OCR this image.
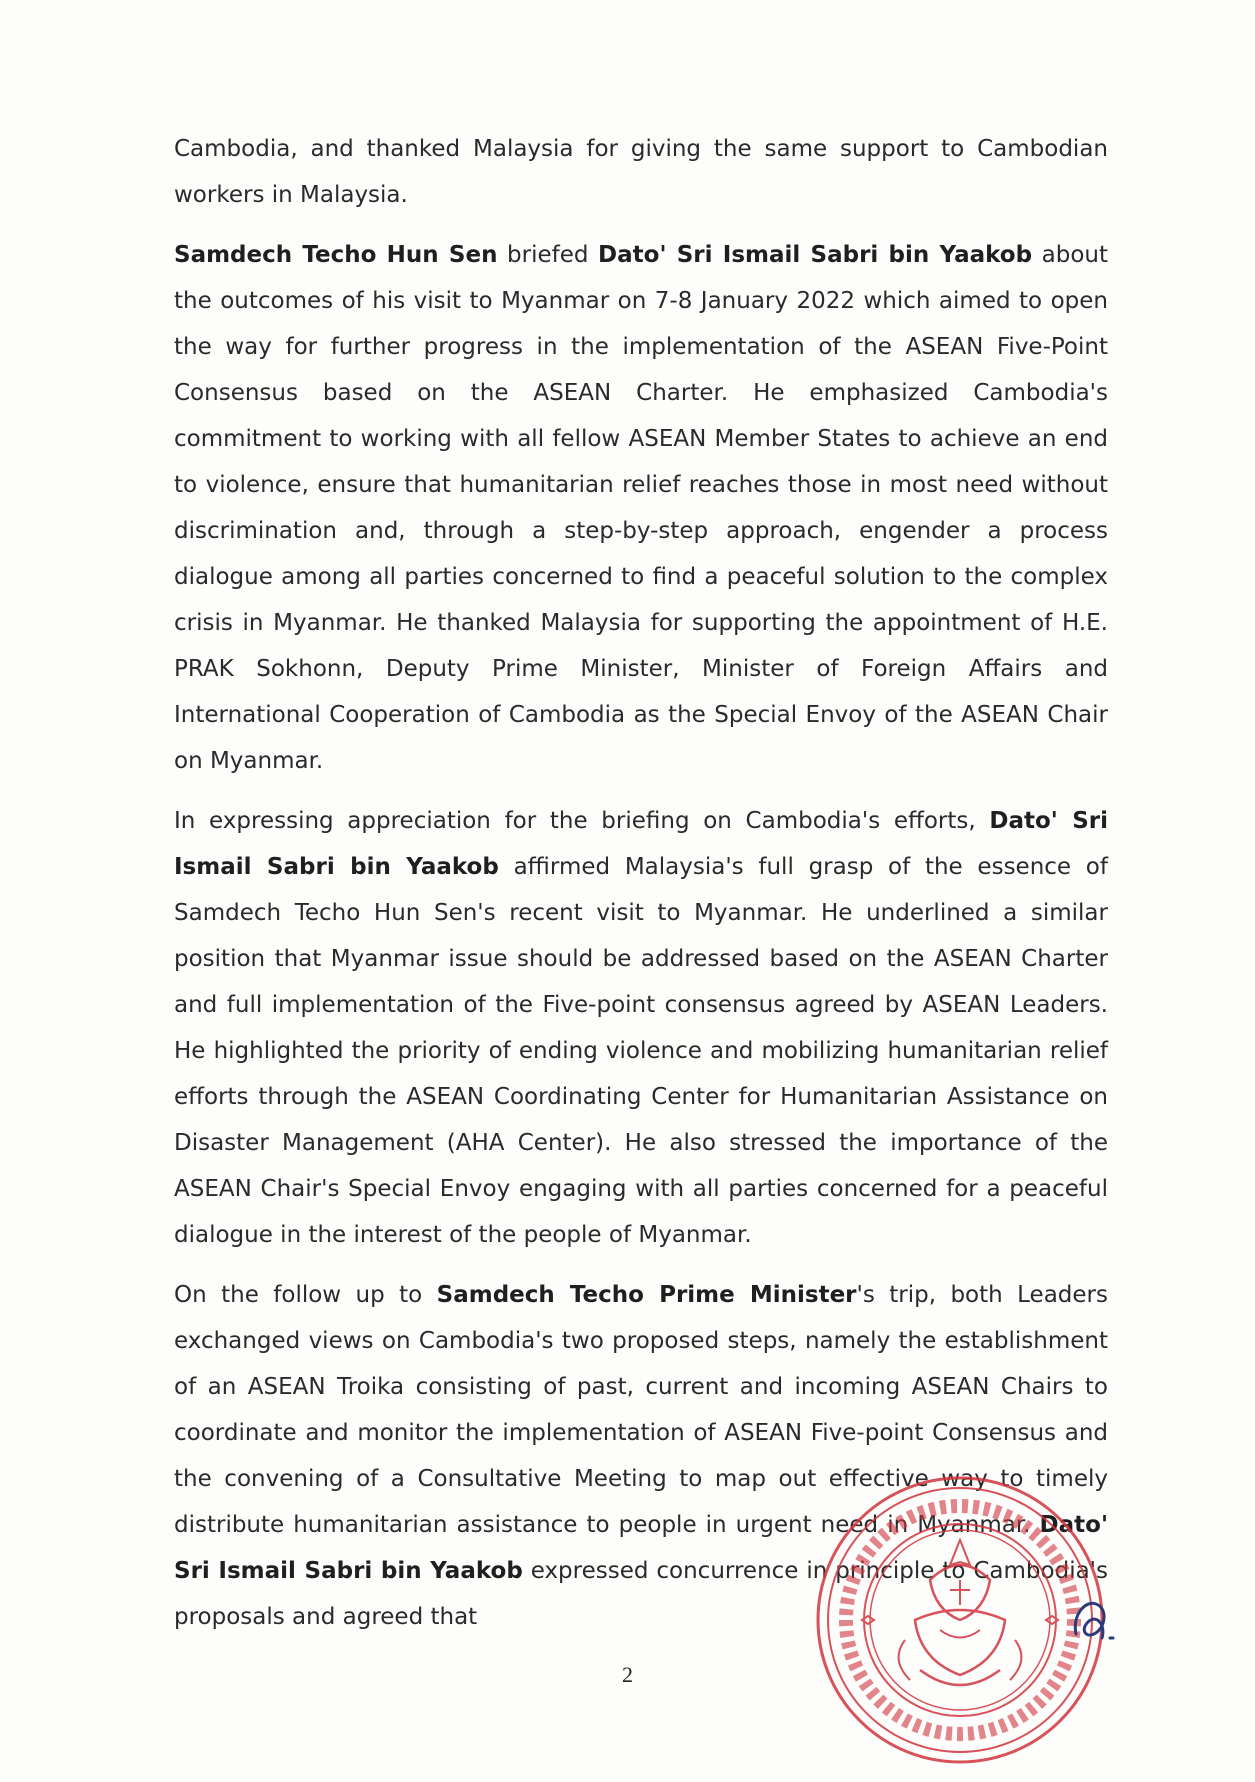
Cambodia, and thanked Malaysia for giving the same support to Cambodian workers in Malaysia.

Samdech Techo Hun Sen briefed Dato' Sri Ismail Sabri bin Yaakob about the outcomes of his visit to Myanmar on 7-8 January 2022 which aimed to open the way for further progress in the implementation of the ASEAN Five-Point Consensus based on the ASEAN Charter. He emphasized Cambodia's commitment to working with all fellow ASEAN Member States to achieve an end to violence, ensure that humanitarian relief reaches those in most need without discrimination and, through a step-by-step approach, engender a process dialogue among all parties concerned to find a peaceful solution to the complex crisis in Myanmar. He thanked Malaysia for supporting the appointment of H.E. PRAK Sokhonn, Deputy Prime Minister, Minister of Foreign Affairs and International Cooperation of Cambodia as the Special Envoy of the ASEAN Chair on Myanmar.

In expressing appreciation for the briefing on Cambodia's efforts, Dato' Sri Ismail Sabri bin Yaakob affirmed Malaysia's full grasp of the essence of Samdech Techo Hun Sen's recent visit to Myanmar. He underlined a similar position that Myanmar issue should be addressed based on the ASEAN Charter and full implementation of the Five-point consensus agreed by ASEAN Leaders. He highlighted the priority of ending violence and mobilizing humanitarian relief efforts through the ASEAN Coordinating Center for Humanitarian Assistance on Disaster Management (AHA Center). He also stressed the importance of the ASEAN Chair's Special Envoy engaging with all parties concerned for a peaceful dialogue in the interest of the people of Myanmar.

On the follow up to Samdech Techo Prime Minister's trip, both Leaders exchanged views on Cambodia's two proposed steps, namely the establishment of an ASEAN Troika consisting of past, current and incoming ASEAN Chairs to coordinate and monitor the implementation of ASEAN Five-point Consensus and the convening of a Consultative Meeting to map out effective way to timely distribute humanitarian assistance to people in urgent need in Myanmar. Dato' Sri Ismail Sabri bin Yaakob expressed concurrence in principle to Cambodia's proposals and agreed that

2
